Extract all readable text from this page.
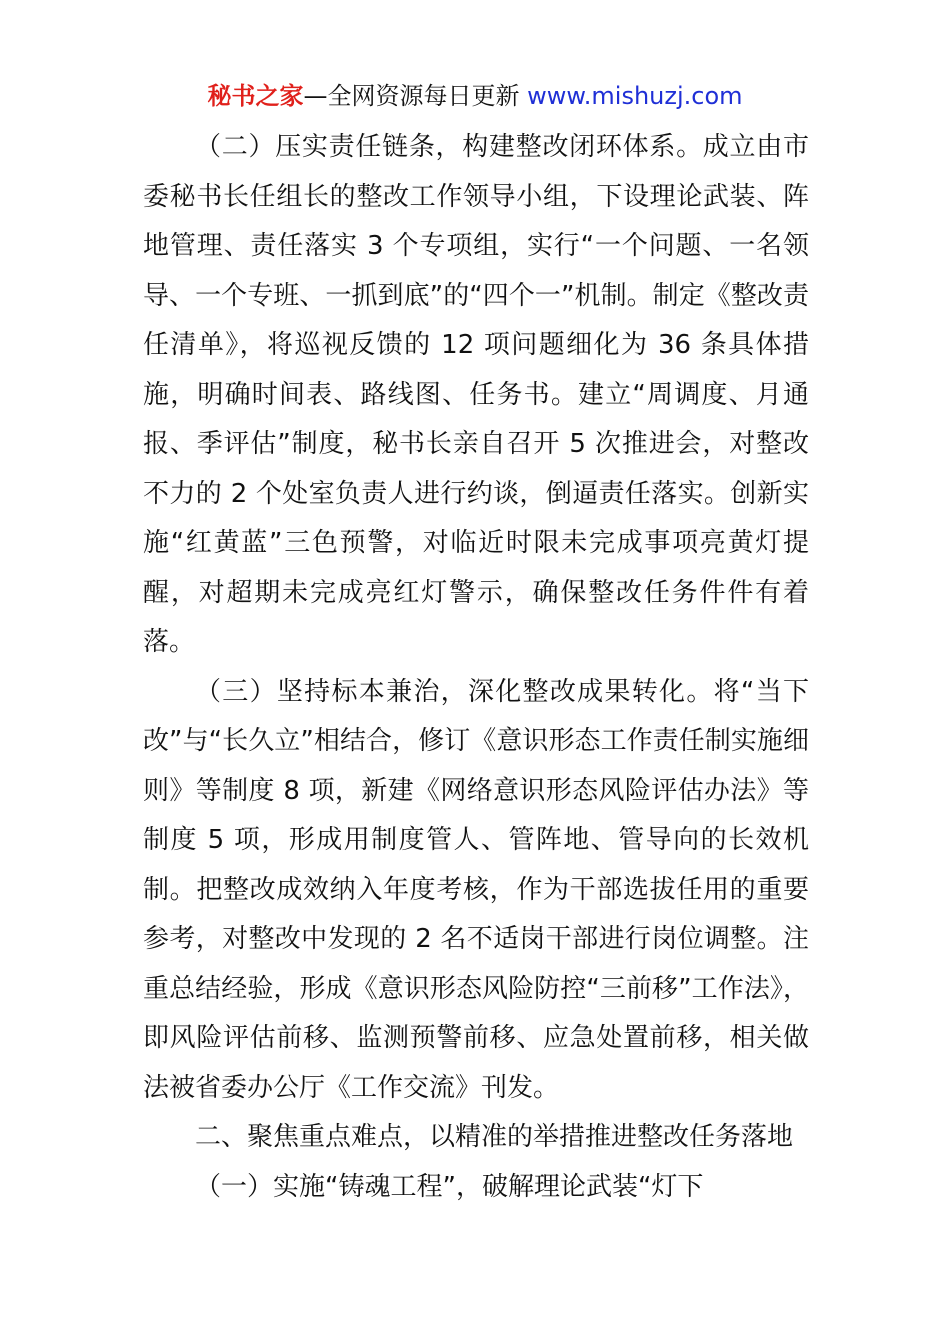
秘书之家—全网资源每日更新 www.mishuzj.com

（二）压实责任链条，构建整改闭环体系。成立由市委秘书长任组长的整改工作领导小组，下设理论武装、阵地管理、责任落实 3 个专项组，实行“一个问题、一名领导、一个专班、一抓到底”的“四个一”机制。制定《整改责任清单》，将巡视反馈的 12 项问题细化为 36 条具体措施，明确时间表、路线图、任务书。建立“周调度、月通报、季评估”制度，秘书长亲自召开 5 次推进会，对整改不力的 2 个处室负责人进行约谈，倒逼责任落实。创新实施“红黄蓝”三色预警，对临近时限未完成事项亮黄灯提醒，对超期未完成亮红灯警示，确保整改任务件件有着落。

（三）坚持标本兼治，深化整改成果转化。将“当下改”与“长久立”相结合，修订《意识形态工作责任制实施细则》等制度 8 项，新建《网络意识形态风险评估办法》等制度 5 项，形成用制度管人、管阵地、管导向的长效机制。把整改成效纳入年度考核，作为干部选拔任用的重要参考，对整改中发现的 2 名不适岗干部进行岗位调整。注重总结经验，形成《意识形态风险防控“三前移”工作法》，即风险评估前移、监测预警前移、应急处置前移，相关做法被省委办公厅《工作交流》刊发。

二、聚焦重点难点，以精准的举措推进整改任务落地

（一）实施“铸魂工程”，破解理论武装“灯下
